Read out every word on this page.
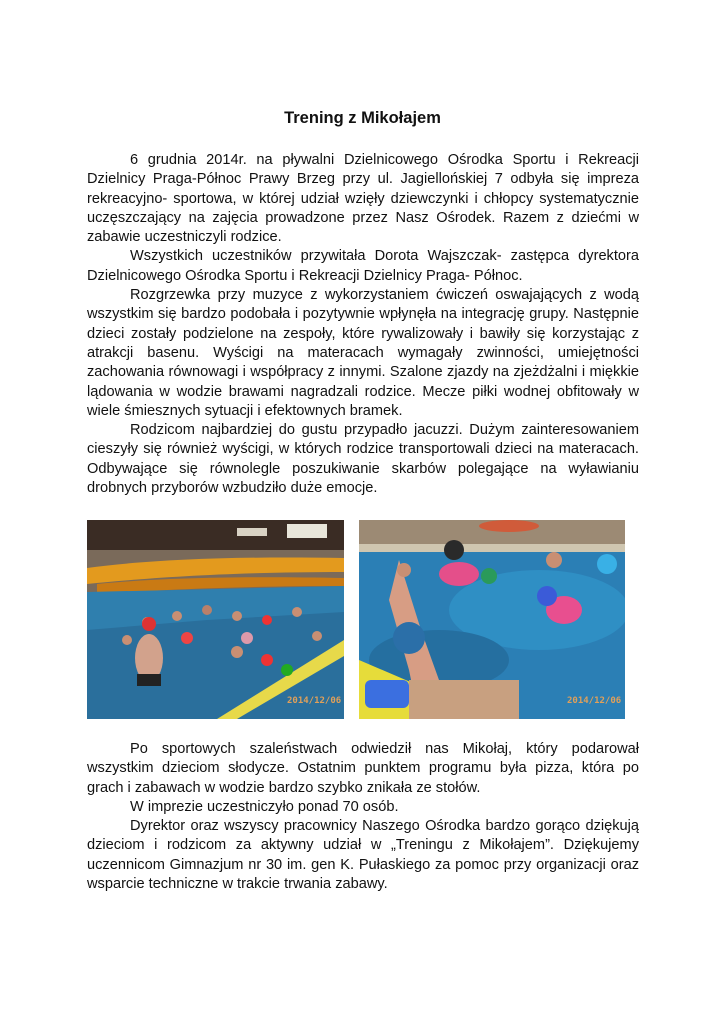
Trening z Mikołajem

6 grudnia 2014r. na pływalni Dzielnicowego Ośrodka Sportu i Rekreacji Dzielnicy Praga-Północ Prawy Brzeg przy ul. Jagiellońskiej 7 odbyła się impreza rekreacyjno- sportowa, w której udział wzięły dziewczynki i chłopcy systematycznie uczęszczający na zajęcia prowadzone przez Nasz Ośrodek. Razem z dziećmi w zabawie uczestniczyli rodzice.

Wszystkich uczestników przywitała Dorota Wajszczak- zastępca dyrektora Dzielnicowego Ośrodka Sportu i Rekreacji Dzielnicy Praga- Północ.

Rozgrzewka przy muzyce z wykorzystaniem ćwiczeń oswajających z wodą wszystkim się bardzo podobała i pozytywnie wpłynęła na integrację grupy. Następnie dzieci zostały podzielone na zespoły, które rywalizowały i bawiły się korzystając z atrakcji basenu. Wyścigi na materacach wymagały zwinności, umiejętności zachowania równowagi i współpracy z innymi. Szalone zjazdy na zjeżdżalni i miękkie lądowania w wodzie brawami nagradzali rodzice. Mecze piłki wodnej obfitowały w wiele śmiesznych sytuacji i efektownych bramek.

Rodzicom najbardziej do gustu przypadło jacuzzi. Dużym zainteresowaniem cieszyły się również wyścigi, w których rodzice transportowali dzieci na materacach. Odbywające się równolegle poszukiwanie skarbów polegające na wyławianiu drobnych przyborów wzbudziło duże emocje.

2014/12/06	2014/12/06

Po sportowych szaleństwach odwiedził nas Mikołaj, który podarował wszystkim dzieciom słodycze. Ostatnim punktem programu była pizza, która po grach i zabawach w wodzie bardzo szybko znikała ze stołów.

W imprezie uczestniczyło ponad 70 osób.

Dyrektor oraz wszyscy pracownicy Naszego Ośrodka bardzo gorąco dziękują dzieciom i rodzicom za aktywny udział w „Treningu z Mikołajem”. Dziękujemy uczennicom Gimnazjum nr 30 im. gen K. Pułaskiego za pomoc przy organizacji oraz wsparcie techniczne w trakcie trwania zabawy.
